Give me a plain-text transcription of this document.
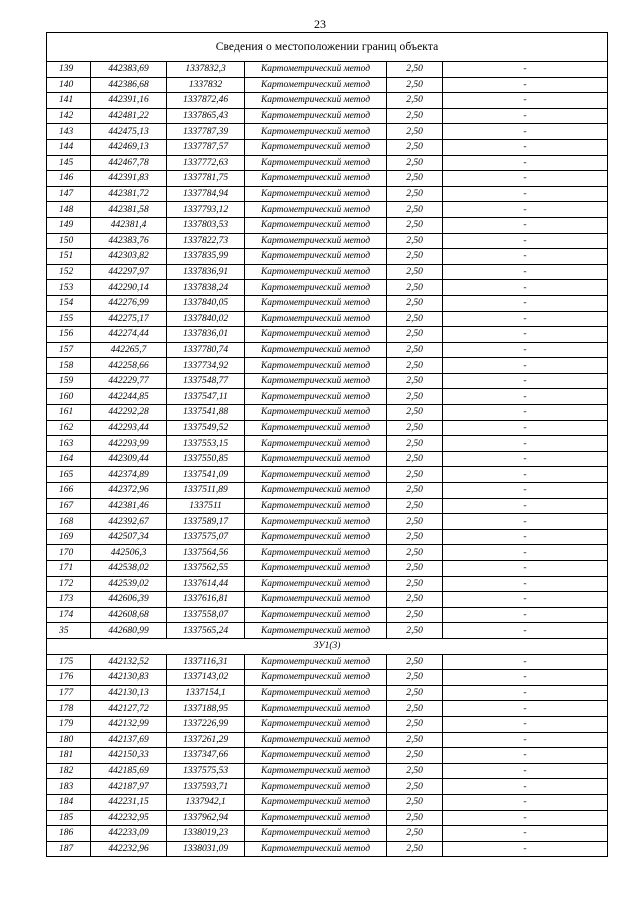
23
Сведения о местоположении границ объекта					
139	442383,69	1337832,3	Картометрический метод	2,50	-
140	442386,68	1337832	Картометрический метод	2,50	-
141	442391,16	1337872,46	Картометрический метод	2,50	-
142	442481,22	1337865,43	Картометрический метод	2,50	-
143	442475,13	1337787,39	Картометрический метод	2,50	-
144	442469,13	1337787,57	Картометрический метод	2,50	-
145	442467,78	1337772,63	Картометрический метод	2,50	-
146	442391,83	1337781,75	Картометрический метод	2,50	-
147	442381,72	1337784,94	Картометрический метод	2,50	-
148	442381,58	1337793,12	Картометрический метод	2,50	-
149	442381,4	1337803,53	Картометрический метод	2,50	-
150	442383,76	1337822,73	Картометрический метод	2,50	-
151	442303,82	1337835,99	Картометрический метод	2,50	-
152	442297,97	1337836,91	Картометрический метод	2,50	-
153	442290,14	1337838,24	Картометрический метод	2,50	-
154	442276,99	1337840,05	Картометрический метод	2,50	-
155	442275,17	1337840,02	Картометрический метод	2,50	-
156	442274,44	1337836,01	Картометрический метод	2,50	-
157	442265,7	1337780,74	Картометрический метод	2,50	-
158	442258,66	1337734,92	Картометрический метод	2,50	-
159	442229,77	1337548,77	Картометрический метод	2,50	-
160	442244,85	1337547,11	Картометрический метод	2,50	-
161	442292,28	1337541,88	Картометрический метод	2,50	-
162	442293,44	1337549,52	Картометрический метод	2,50	-
163	442293,99	1337553,15	Картометрический метод	2,50	-
164	442309,44	1337550,85	Картометрический метод	2,50	-
165	442374,89	1337541,09	Картометрический метод	2,50	-
166	442372,96	1337511,89	Картометрический метод	2,50	-
167	442381,46	1337511	Картометрический метод	2,50	-
168	442392,67	1337589,17	Картометрический метод	2,50	-
169	442507,34	1337575,07	Картометрический метод	2,50	-
170	442506,3	1337564,56	Картометрический метод	2,50	-
171	442538,02	1337562,55	Картометрический метод	2,50	-
172	442539,02	1337614,44	Картометрический метод	2,50	-
173	442606,39	1337616,81	Картометрический метод	2,50	-
174	442608,68	1337558,07	Картометрический метод	2,50	-
35	442680,99	1337565,24	Картометрический метод	2,50	-
ЗУ1(3)					
175	442132,52	1337116,31	Картометрический метод	2,50	-
176	442130,83	1337143,02	Картометрический метод	2,50	-
177	442130,13	1337154,1	Картометрический метод	2,50	-
178	442127,72	1337188,95	Картометрический метод	2,50	-
179	442132,99	1337226,99	Картометрический метод	2,50	-
180	442137,69	1337261,29	Картометрический метод	2,50	-
181	442150,33	1337347,66	Картометрический метод	2,50	-
182	442185,69	1337575,53	Картометрический метод	2,50	-
183	442187,97	1337593,71	Картометрический метод	2,50	-
184	442231,15	1337942,1	Картометрический метод	2,50	-
185	442232,95	1337962,94	Картометрический метод	2,50	-
186	442233,09	1338019,23	Картометрический метод	2,50	-
187	442232,96	1338031,09	Картометрический метод	2,50	-
